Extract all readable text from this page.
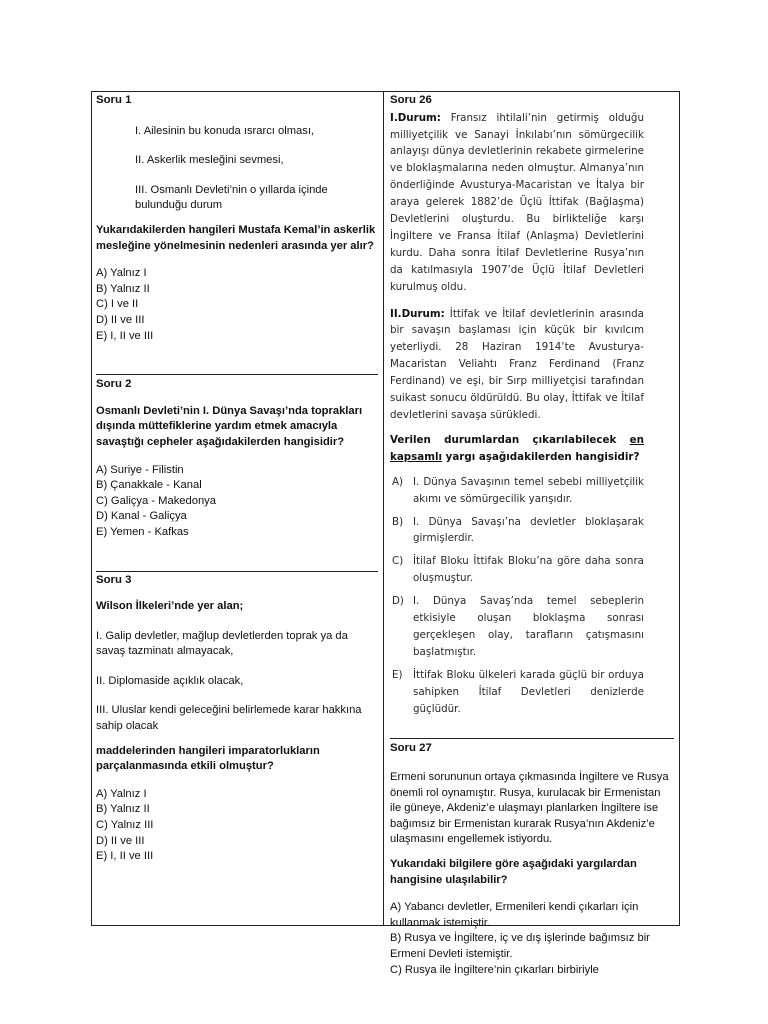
Soru 1

I. Ailesinin bu konuda ısrarcı olması,

II. Askerlik mesleğini sevmesi,

III. Osmanlı Devleti’nin o yıllarda içinde bulunduğu durum

Yukarıdakilerden hangileri Mustafa Kemal’in askerlik mesleğine yönelmesinin nedenleri arasında yer alır?

A) Yalnız I
B) Yalnız II
C) I ve II
D) II ve III
E) I, II ve III

Soru 2

Osmanlı Devleti’nin I. Dünya Savaşı’nda toprakları dışında müttefiklerine yardım etmek amacıyla savaştığı cepheler aşağıdakilerden hangisidir?

A) Suriye - Filistin
B) Çanakkale - Kanal
C) Galiçya - Makedonya
D) Kanal - Galiçya
E) Yemen - Kafkas

Soru 3

Wilson İlkeleri’nde yer alan;

I. Galip devletler, mağlup devletlerden toprak ya da savaş tazminatı almayacak,

II. Diplomaside açıklık olacak,

III. Uluslar kendi geleceğini belirlemede karar hakkına sahip olacak

maddelerinden hangileri imparatorlukların parçalanmasında etkili olmuştur?

A) Yalnız I
B) Yalnız II
C) Yalnız III
D) II ve III
E) I, II ve III

Soru 26

I.Durum: Fransız ihtilali’nin getirmiş olduğu milliyetçilik ve Sanayi İnkılabı’nın sömürgecilik anlayışı dünya devletlerinin rekabete girmelerine ve bloklaşmalarına neden olmuştur. Almanya’nın önderliğinde Avusturya-Macaristan ve İtalya bir araya gelerek 1882’de Üçlü İttifak (Bağlaşma) Devletlerini oluşturdu. Bu birlikteliğe karşı İngiltere ve Fransa İtilaf (Anlaşma) Devletlerini kurdu. Daha sonra İtilaf Devletlerine Rusya’nın da katılmasıyla 1907’de Üçlü İtilaf Devletleri kurulmuş oldu.

II.Durum: İttifak ve İtilaf devletlerinin arasında bir savaşın başlaması için küçük bir kıvılcım yeterliydi. 28 Haziran 1914’te Avusturya-Macaristan Veliahtı Franz Ferdinand (Franz Ferdinand) ve eşi, bir Sırp milliyetçisi tarafından suikast sonucu öldürüldü. Bu olay, İttifak ve İtilaf devletlerini savaşa sürükledi.

Verilen durumlardan çıkarılabilecek en kapsamlı yargı aşağıdakilerden hangisidir?

A) I. Dünya Savaşının temel sebebi milliyetçilik akımı ve sömürgecilik yarışıdır.
B) I. Dünya Savaşı’na devletler bloklaşarak girmişlerdir.
C) İtilaf Bloku İttifak Bloku’na göre daha sonra oluşmuştur.
D) I. Dünya Savaş’nda temel sebeplerin etkisiyle oluşan bloklaşma sonrası gerçekleşen olay, tarafların çatışmasını başlatmıştır.
E)	İttifak Bloku ülkeleri karada güçlü bir orduya sahipken İtilaf Devletleri denizlerde güçlüdür.

Soru 27

Ermeni sorununun ortaya çıkmasında İngiltere ve Rusya önemli rol oynamıştır. Rusya, kurulacak bir Ermenistan ile güneye, Akdeniz’e ulaşmayı planlarken İngiltere ise bağımsız bir Ermenistan kurarak Rusya’nın Akdeniz’e ulaşmasını engellemek istiyordu.

Yukarıdaki bilgilere göre aşağıdaki yargılardan hangisine ulaşılabilir?

A) Yabancı devletler, Ermenileri kendi çıkarları için kullanmak istemiştir.
B) Rusya ve İngiltere, iç ve dış işlerinde bağımsız bir Ermeni Devleti istemiştir.
C) Rusya ile İngiltere’nin çıkarları birbiriyle
